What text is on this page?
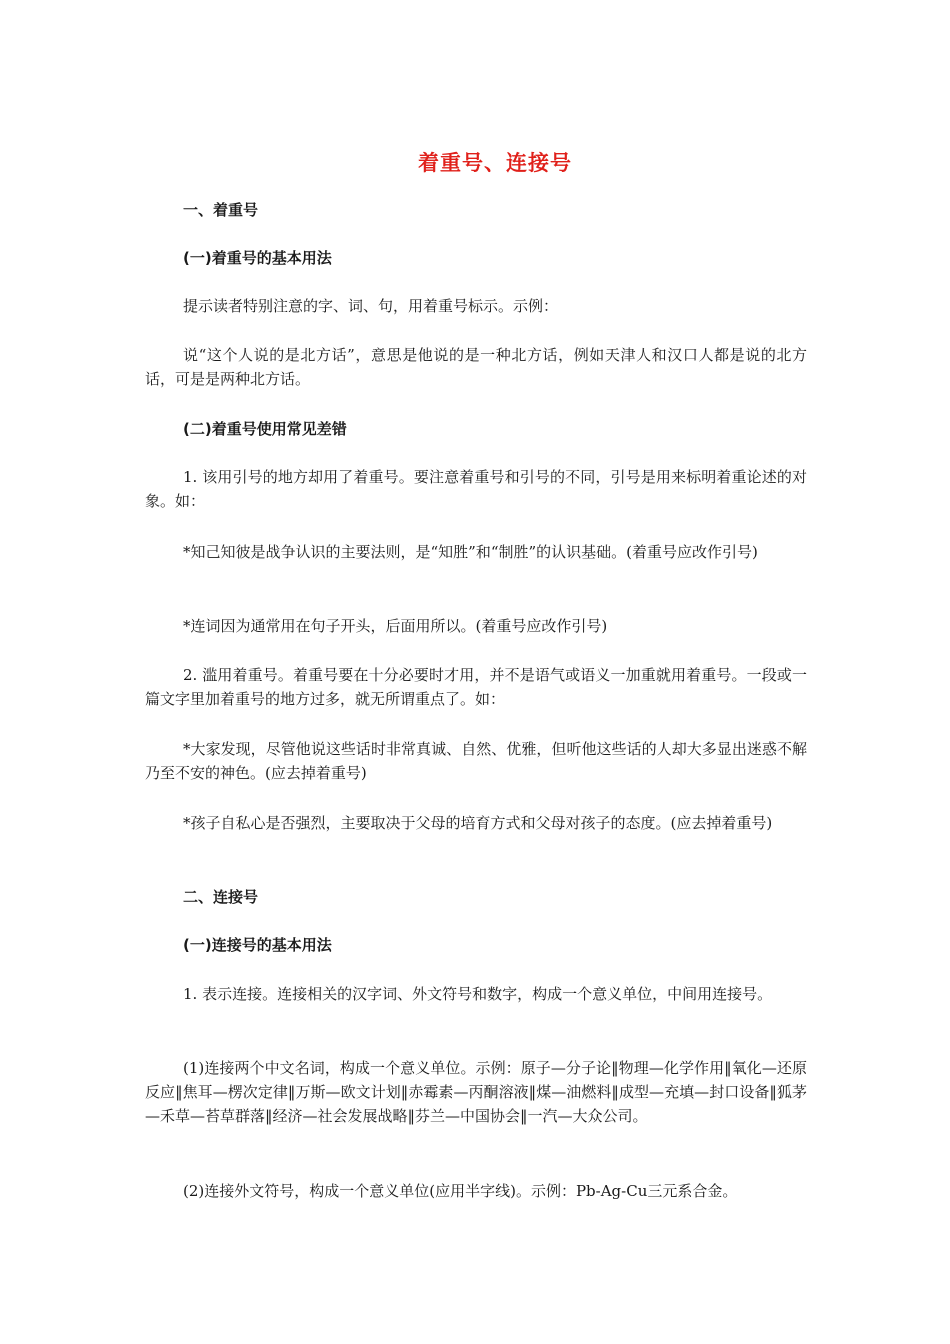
着重号、连接号
一、着重号
(一)着重号的基本用法
提示读者特别注意的字、词、句，用着重号标示。示例：
说“这个人说的是北方话”，意思是他说的是一种北方话，例如天津人和汉口人都是说的北方话，可是是两种北方话。
(二)着重号使用常见差错
1. 该用引号的地方却用了着重号。要注意着重号和引号的不同，引号是用来标明着重论述的对象。如：
*知己知彼是战争认识的主要法则，是“知胜”和“制胜”的认识基础。(着重号应改作引号)
*连词因为通常用在句子开头，后面用所以。(着重号应改作引号)
2. 滥用着重号。着重号要在十分必要时才用，并不是语气或语义一加重就用着重号。一段或一篇文字里加着重号的地方过多，就无所谓重点了。如：
*大家发现，尽管他说这些话时非常真诚、自然、优雅，但听他这些话的人却大多显出迷惑不解乃至不安的神色。(应去掉着重号)
*孩子自私心是否强烈，主要取决于父母的培育方式和父母对孩子的态度。(应去掉着重号)
二、连接号
(一)连接号的基本用法
1. 表示连接。连接相关的汉字词、外文符号和数字，构成一个意义单位，中间用连接号。
(1)连接两个中文名词，构成一个意义单位。示例：原子—分子论‖物理—化学作用‖氧化—还原反应‖焦耳—楞次定律‖万斯—欧文计划‖赤霉素—丙酮溶液‖煤—油燃料‖成型—充填—封口设备‖狐茅—禾草—苔草群落‖经济—社会发展战略‖芬兰—中国协会‖一汽—大众公司。
(2)连接外文符号，构成一个意义单位(应用半字线)。示例：Pb-Ag-Cu三元系合金。
